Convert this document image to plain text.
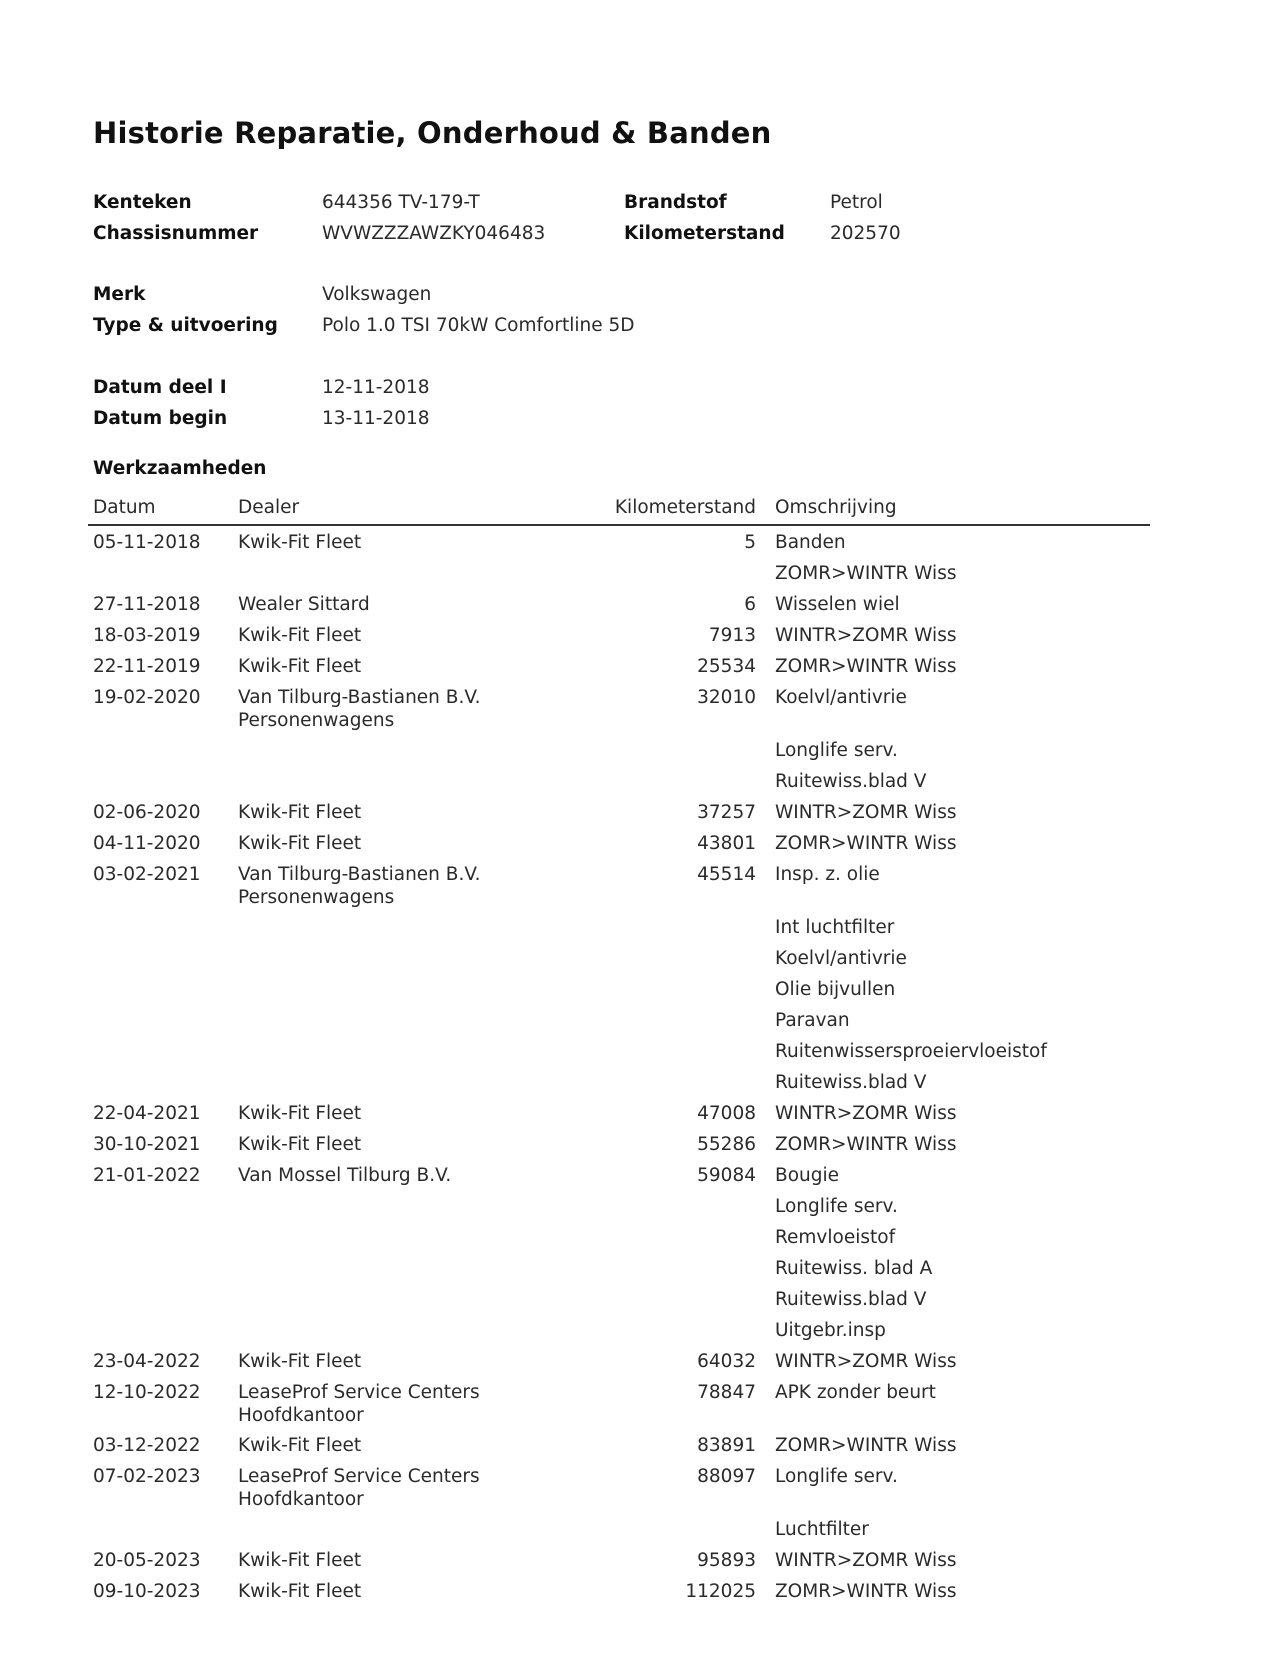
Historie Reparatie, Onderhoud & Banden
Kenteken	644356 TV-179-T
Chassisnummer	WVWZZZAWZKY046483
Brandstof	Petrol
Kilometerstand 202570
Merk	Volkswagen
Type & uitvoering Polo 1.0 TSI 70kW Comfortline 5D
Datum deel I	12-11-2018
Datum begin	13-11-2018
Werkzaamheden
Datum	Dealer	Kilometerstand Omschrijving
05-11-2018 Kwik-Fit Fleet	5 Banden
ZOMR>WINTR Wiss
27-11-2018 Wealer Sittard	6 Wisselen wiel
18-03-2019 Kwik-Fit Fleet	7913 WINTR>ZOMR Wiss
22-11-2019 Kwik-Fit Fleet	25534 ZOMR>WINTR Wiss
19-02-2020 Van Tilburg-Bastianen B.V. Personenwagens
32010 Koelvl/antivrie
Longlife serv.
Ruitewiss.blad V
02-06-2020 Kwik-Fit Fleet	37257 WINTR>ZOMR Wiss
04-11-2020 Kwik-Fit Fleet	43801 ZOMR>WINTR Wiss
03-02-2021 Van Tilburg-Bastianen B.V. Personenwagens
45514 Insp. z. olie
Int luchtfilter
Koelvl/antivrie
Olie bijvullen
Paravan
Ruitenwissersproeiervloeistof
Ruitewiss.blad V
22-04-2021 Kwik-Fit Fleet	47008 WINTR>ZOMR Wiss
30-10-2021 Kwik-Fit Fleet	55286 ZOMR>WINTR Wiss
21-01-2022 Van Mossel Tilburg B.V.	59084 Bougie
Longlife serv.
Remvloeistof
Ruitewiss. blad A
Ruitewiss.blad V
Uitgebr.insp
23-04-2022 Kwik-Fit Fleet	64032 WINTR>ZOMR Wiss
12-10-2022 LeaseProf Service Centers Hoofdkantoor
78847 APK zonder beurt
03-12-2022 Kwik-Fit Fleet	83891 ZOMR>WINTR Wiss
07-02-2023 LeaseProf Service Centers Hoofdkantoor
88097 Longlife serv.
Luchtfilter
20-05-2023 Kwik-Fit Fleet	95893 WINTR>ZOMR Wiss
09-10-2023 Kwik-Fit Fleet	112025 ZOMR>WINTR Wiss
